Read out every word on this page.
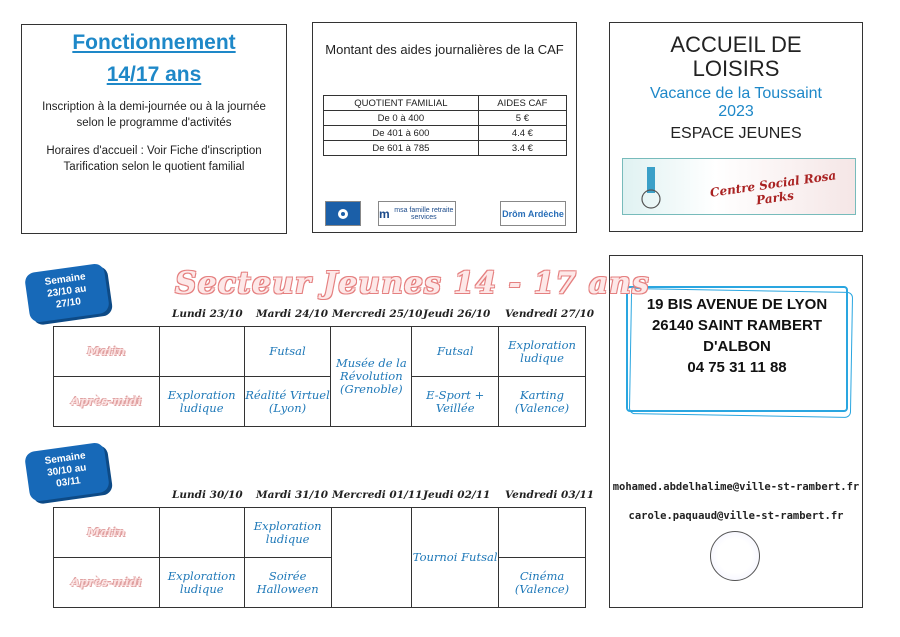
Fonctionnement
14/17 ans
Inscription à la demi-journée ou à la journée selon le programme d'activités
Horaires d'accueil : Voir Fiche d'inscription
Tarification selon le quotient familial
Montant des aides journalières de la CAF
QUOTIENT FAMILIAL	AIDES CAF
De 0 à 400	5 €
De 401 à 600	4.4 €
De 601 à 785	3.4 €
m msa famille retraite services	Drôm Ardèche
ACCUEIL DE
LOISIRS
Vacance de la Toussaint
2023
ESPACE JEUNES
Centre Social Rosa Parks
19 BIS AVENUE DE LYON
26140 SAINT RAMBERT
D'ALBON
04 75 31 11 88
mohamed.abdelhalime@ville-st-rambert.fr
carole.paquaud@ville-st-rambert.fr
Secteur Jeunes 14 - 17 ans
Semaine
23/10 au
27/10
Lundi 23/10 Mardi 24/10 Mercredi 25/10 Jeudi 26/10 Vendredi 27/10
Matin		Futsal	Musée de la Révolution (Grenoble)	Futsal	Exploration ludique
Après-midi	Exploration ludique	Réalité Virtuel (Lyon)		E-Sport + Veillée	Karting (Valence)
Semaine
30/10 au
03/11
Lundi 30/10 Mardi 31/10 Mercredi 01/11 Jeudi 02/11 Vendredi 03/11
Matin		Exploration ludique		Tournoi Futsal	
Après-midi	Exploration ludique	Soirée Halloween			Cinéma (Valence)
